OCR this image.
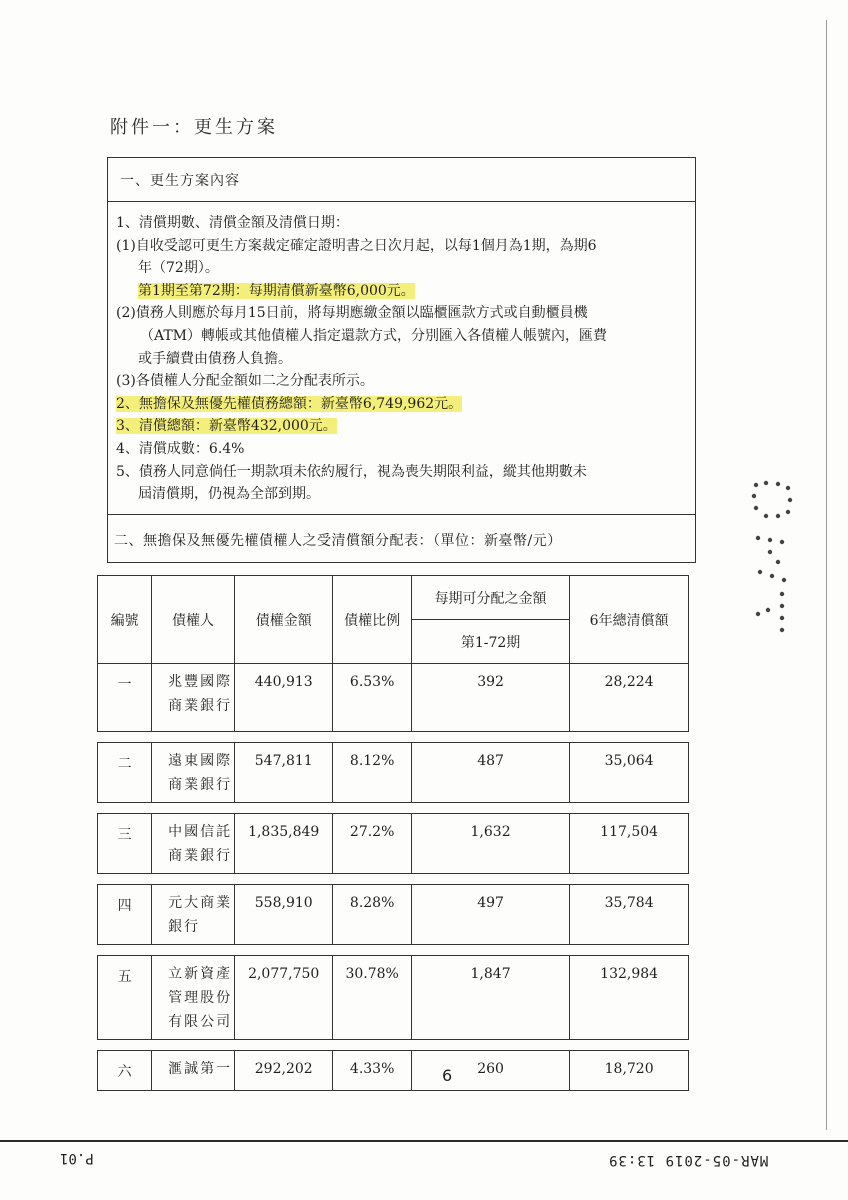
附件一：更生方案
一、更生方案內容
1、清償期數、清償金額及清償日期：
(1)自收受認可更生方案裁定確定證明書之日次月起，以每1個月為1期，為期6
年（72期）。
第1期至第72期：每期清償新臺幣6,000元。
(2)債務人則應於每月15日前，將每期應繳金額以臨櫃匯款方式或自動櫃員機
（ATM）轉帳或其他債權人指定還款方式，分別匯入各債權人帳號內，匯費
或手續費由債務人負擔。
(3)各債權人分配金額如二之分配表所示。
2、無擔保及無優先權債務總額：新臺幣6,749,962元。
3、清償總額：新臺幣432,000元。
4、清償成數：6.4%
5、債務人同意倘任一期款項未依約履行，視為喪失期限利益，縱其他期數未
屆清償期，仍視為全部到期。
二、無擔保及無優先權債權人之受清償額分配表：（單位：新臺幣/元）
編號	債權人	債權金額	債權比例	每期可分配之金額	6年總清償額
				第1-72期	
一	兆豐國際商業銀行	440,913	6.53%	392	28,224

二	遠東國際商業銀行	547,811	8.12%	487	35,064

三	中國信託商業銀行	1,835,849	27.2%	1,632	117,504

四	元大商業銀行	558,910	8.28%	497	35,784

五	立新資產管理股份有限公司	2,077,750	30.78%	1,847	132,984

六	滙誠第一	292,202	4.33%	260	18,720
6
P.01	MAR-05-2019 13:39
